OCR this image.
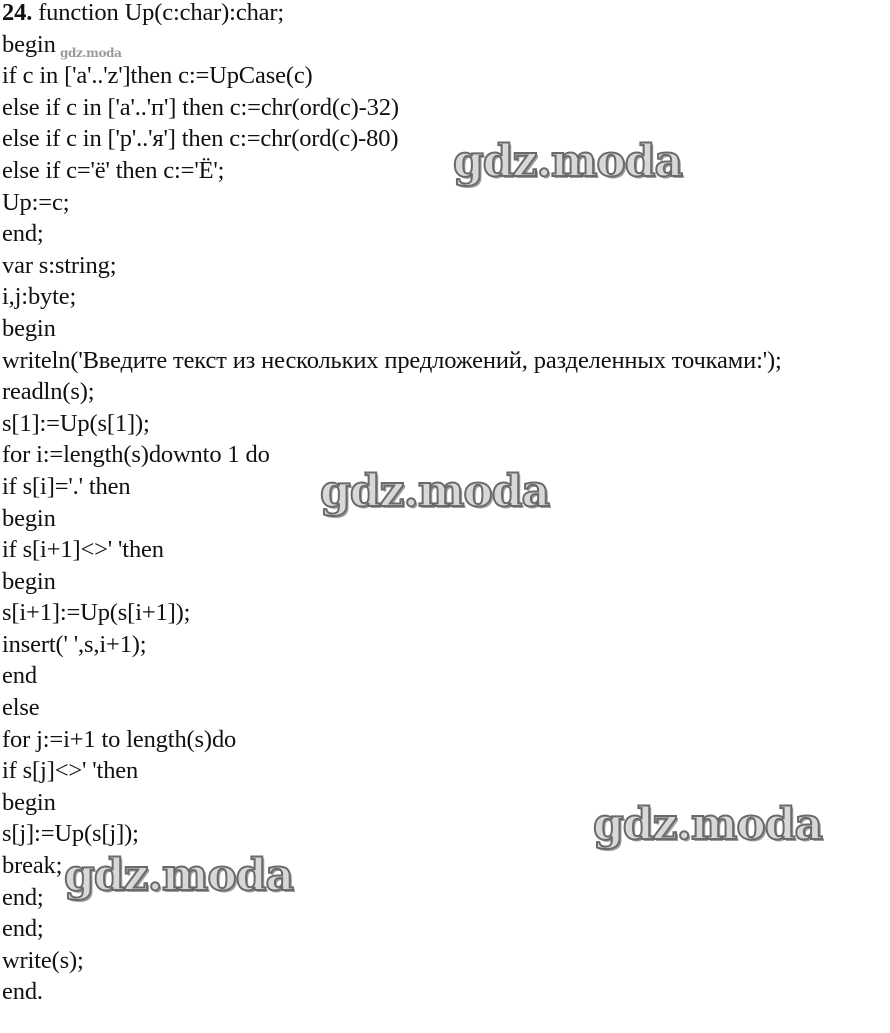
24. function Up(c:char):char;
begin
if c in ['a'..'z']then c:=UpCase(c)
else if c in ['а'..'п'] then c:=chr(ord(c)-32)
else if c in ['р'..'я'] then c:=chr(ord(c)-80)
else if c='ё' then c:='Ё';
Up:=c;
end;
var s:string;
i,j:byte;
begin
writeln('Введите текст из нескольких предложений, разделенных точками:');
readln(s);
s[1]:=Up(s[1]);
for i:=length(s)downto 1 do
if s[i]='.' then
begin
if s[i+1]<>' 'then
begin
s[i+1]:=Up(s[i+1]);
insert(' ',s,i+1);
end
else
for j:=i+1 to length(s)do
if s[j]<>' 'then
begin
s[j]:=Up(s[j]);
break;
end;
end;
write(s);
end.
gdz.moda
gdz.moda
gdz.moda
gdz.moda
gdz.moda
